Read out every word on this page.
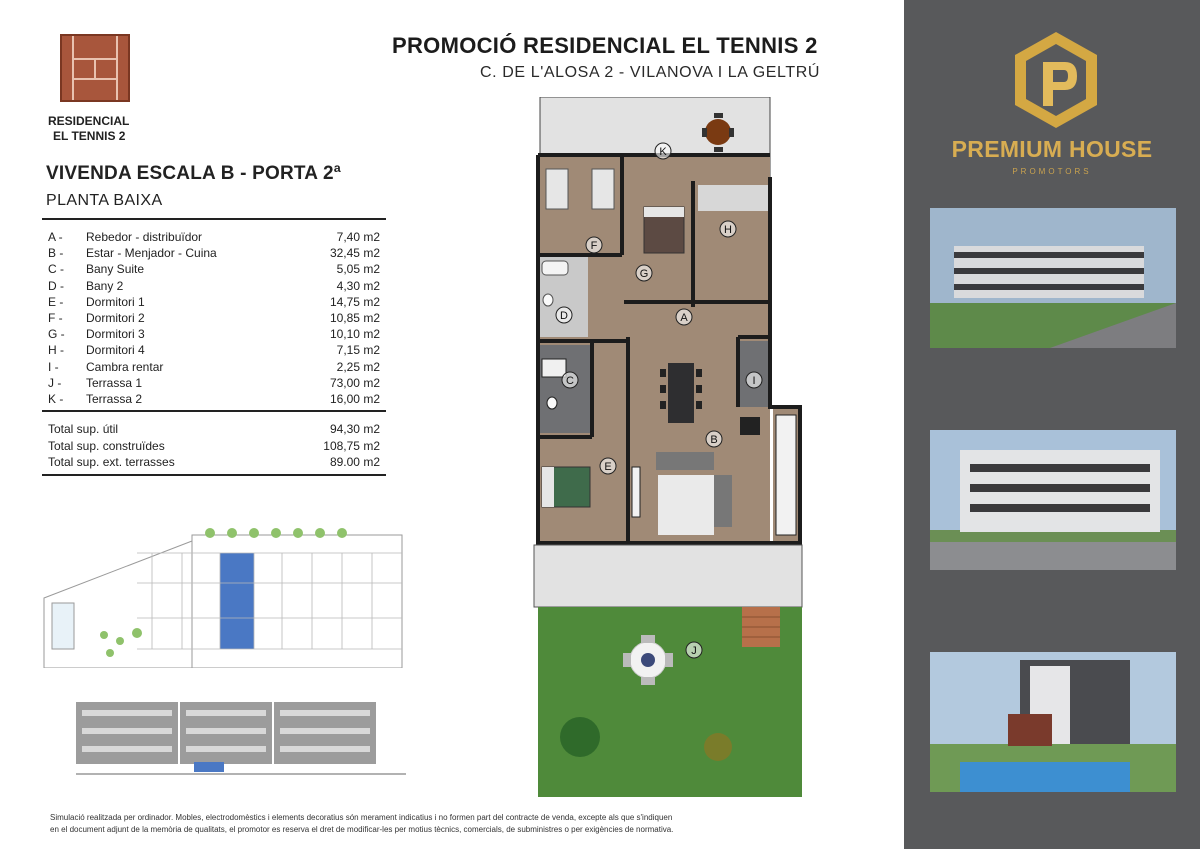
RESIDENCIAL
EL TENNIS 2
VIVENDA ESCALA B - PORTA 2ª
PLANTA BAIXA
A -	Rebedor - distribuïdor	7,40 m2
B -	Estar - Menjador - Cuina	32,45 m2
C -	Bany Suite	5,05 m2
D -	Bany 2	4,30 m2
E -	Dormitori 1	14,75 m2
F -	Dormitori 2	10,85 m2
G -	Dormitori 3	10,10 m2
H -	Dormitori 4	7,15 m2
I -	Cambra rentar	2,25 m2
J -	Terrassa 1	73,00 m2
K -	Terrassa 2	16,00 m2
Total sup. útil	94,30 m2
Total sup. construïdes	108,75 m2
Total sup. ext. terrasses	89.00 m2
Simulació realitzada per ordinador. Mobles, electrodomèstics i elements decoratius són merament indicatius i no formen part del contracte de venda, excepte als que s'indiquen
en el document adjunt de la memòria de qualitats, el promotor es reserva el dret de modificar-les per motius tècnics, comercials, de subministres o per exigències de normativa.
PROMOCIÓ RESIDENCIAL EL TENNIS 2
C. DE L'ALOSA 2 - VILANOVA I LA GELTRÚ
K
F
H
G
D	A
C	I
B
E
J
PREMIUM HOUSE
PROMOTORS
